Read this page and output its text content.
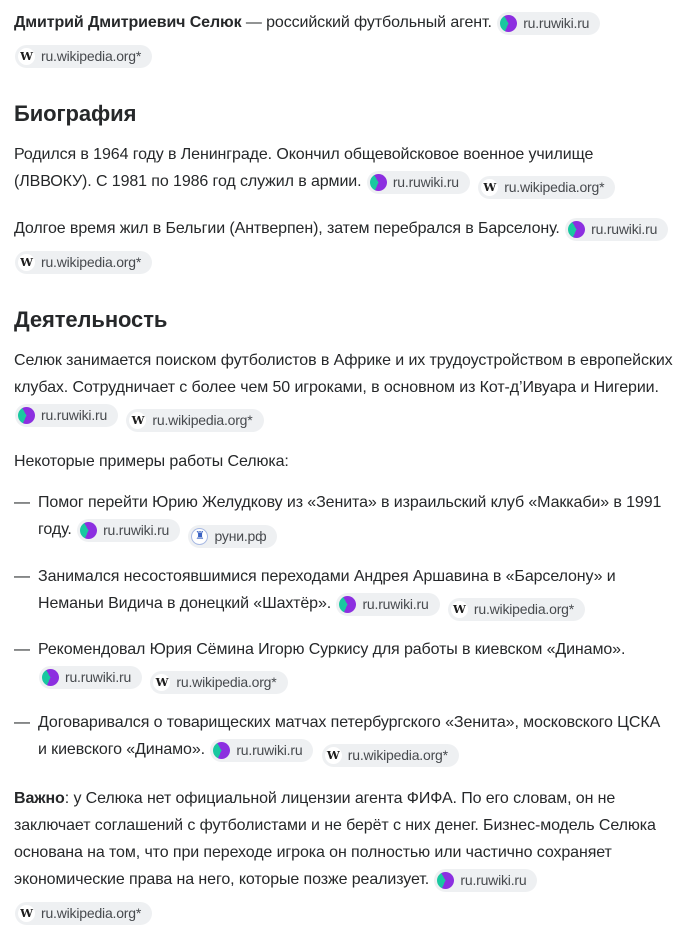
Дмитрий Дмитриевич Селюк — российский футбольный агент. ru.ruwiki.ru

W ru.wikipedia.org*

Биография

Родился в 1964 году в Ленинграде. Окончил общевойсковое военное училище (ЛВВОКУ). С 1981 по 1986 год служил в армии. ru.ruwiki.ru
W ru.wikipedia.org*

Долгое время жил в Бельгии (Антверпен), затем перебрался в Барселону. ru.ruwiki.ru

W ru.wikipedia.org*

Деятельность

Селюк занимается поиском футболистов в Африке и их трудоустройством в европейских клубах. Сотрудничает с более чем 50 игроками, в основном из Кот-д’Ивуара и Нигерии.
ru.ruwiki.ru
W ru.wikipedia.org*

Некоторые примеры работы Селюка:

— Помог перейти Юрию Желудкову из «Зенита» в израильский клуб «Маккаби» в 1991 году. ru.ruwiki.ru
	♜ руни.рф
— Занимался несостоявшимися переходами Андрея Аршавина в «Барселону» и Неманьи Видича в донецкий «Шахтёр». ru.ruwiki.ru
W ru.wikipedia.org*
— Рекомендовал Юрия Сёмина Игорю Суркису для работы в киевском «Динамо».
ru.ruwiki.ru
W ru.wikipedia.org*
— Договаривался о товарищеских матчах петербургского «Зенита», московского ЦСКА и киевского «Динамо». ru.ruwiki.ru
W ru.wikipedia.org*

Важно: у Селюка нет официальной лицензии агента ФИФА. По его словам, он не заключает соглашений с футболистами и не берёт с них денег. Бизнес-модель Селюка основана на том, что при переходе игрока он полностью или частично сохраняет экономические права на него, которые позже реализует. ru.ruwiki.ru

W ru.wikipedia.org*
